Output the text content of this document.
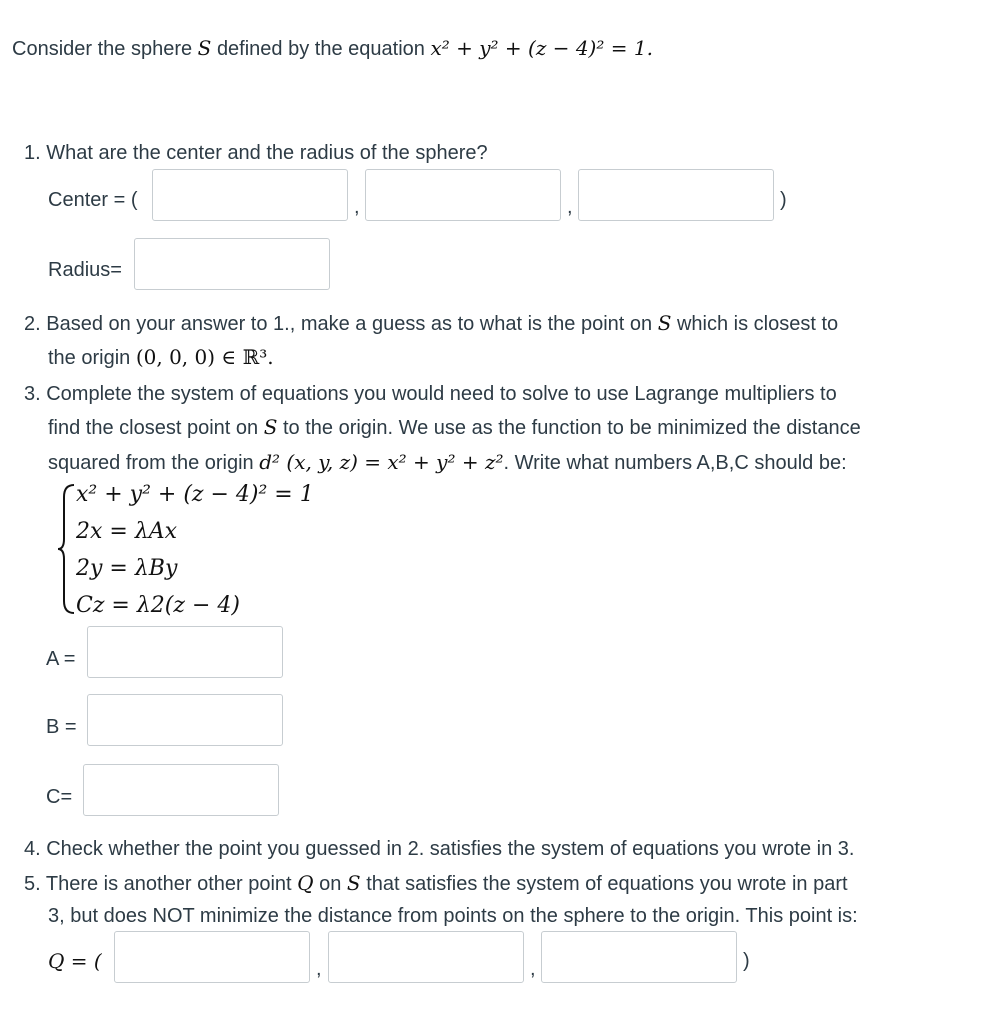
Consider the sphere S defined by the equation x² + y² + (z − 4)² = 1.
1. What are the center and the radius of the sphere?
Center = (	,	,	)
Radius=
2. Based on your answer to 1., make a guess as to what is the point on S which is closest to
the origin (0, 0, 0) ∈ ℝ³.
3. Complete the system of equations you would need to solve to use Lagrange multipliers to
find the closest point on S to the origin. We use as the function to be minimized the distance
squared from the origin d² (x, y, z) = x² + y² + z². Write what numbers A,B,C should be:
x² + y² + (z − 4)² = 1
2x = λAx
2y = λBy
Cz = λ2(z − 4)
A =
B =
C=
4. Check whether the point you guessed in 2. satisfies the system of equations you wrote in 3.
5. There is another other point Q on S that satisfies the system of equations you wrote in part
3, but does NOT minimize the distance from points on the sphere to the origin. This point is:
Q = (	,	,	)
